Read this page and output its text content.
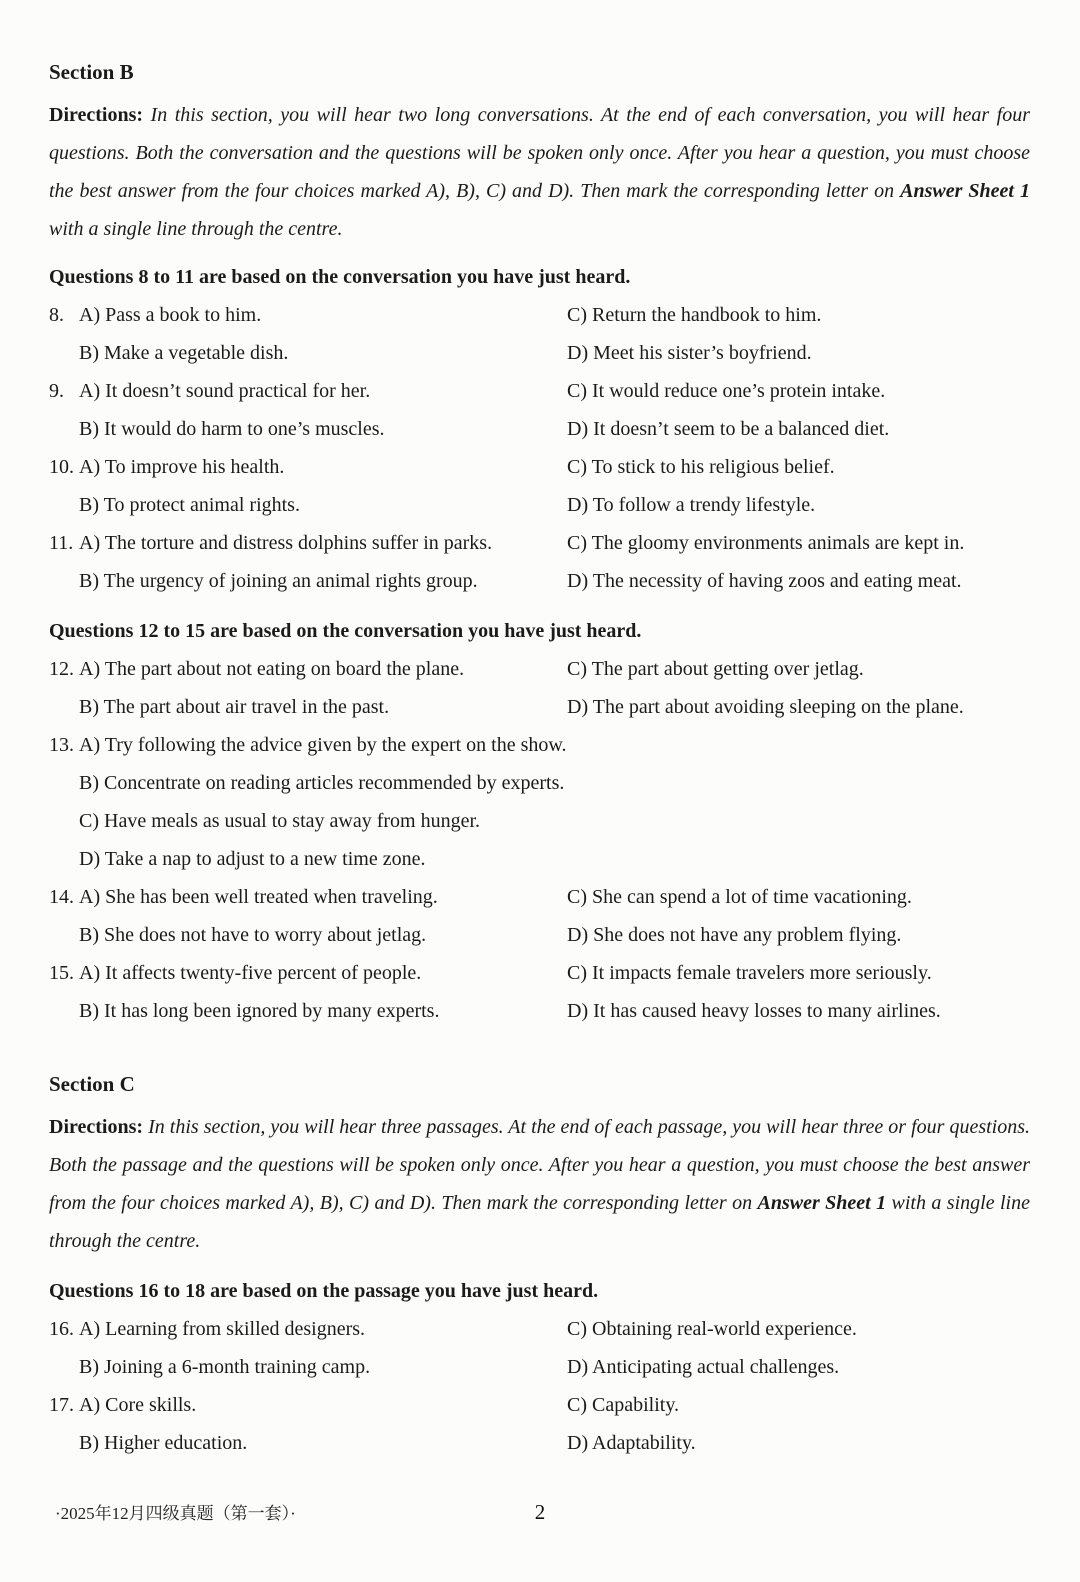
Section B

Directions: In this section, you will hear two long conversations. At the end of each conversation, you will hear four questions. Both the conversation and the questions will be spoken only once. After you hear a question, you must choose the best answer from the four choices marked A), B), C) and D). Then mark the corresponding letter on Answer Sheet 1 with a single line through the centre.

Questions 8 to 11 are based on the conversation you have just heard.
8. A) Pass a book to him.	C) Return the handbook to him.
B) Make a vegetable dish.	D) Meet his sister’s boyfriend.
9. A) It doesn’t sound practical for her.	C) It would reduce one’s protein intake.
B) It would do harm to one’s muscles.	D) It doesn’t seem to be a balanced diet.
10. A) To improve his health.	C) To stick to his religious belief.
B) To protect animal rights.	D) To follow a trendy lifestyle.
11. A) The torture and distress dolphins suffer in parks.	C) The gloomy environments animals are kept in.
B) The urgency of joining an animal rights group.	D) The necessity of having zoos and eating meat.
Questions 12 to 15 are based on the conversation you have just heard.
12. A) The part about not eating on board the plane.	C) The part about getting over jetlag.
B) The part about air travel in the past.	D) The part about avoiding sleeping on the plane.
13. A) Try following the advice given by the expert on the show.
B) Concentrate on reading articles recommended by experts.
C) Have meals as usual to stay away from hunger.
D) Take a nap to adjust to a new time zone.
14. A) She has been well treated when traveling.	C) She can spend a lot of time vacationing.
B) She does not have to worry about jetlag.	D) She does not have any problem flying.
15. A) It affects twenty-five percent of people.	C) It impacts female travelers more seriously.
B) It has long been ignored by many experts.	D) It has caused heavy losses to many airlines.
Section C

Directions: In this section, you will hear three passages. At the end of each passage, you will hear three or four questions. Both the passage and the questions will be spoken only once. After you hear a question, you must choose the best answer from the four choices marked A), B), C) and D). Then mark the corresponding letter on Answer Sheet 1 with a single line through the centre.

Questions 16 to 18 are based on the passage you have just heard.
16. A) Learning from skilled designers.	C) Obtaining real-world experience.
B) Joining a 6-month training camp.	D) Anticipating actual challenges.
17. A) Core skills.	C) Capability.
B) Higher education.	D) Adaptability.
·2025年12月四级真题（第一套）·	2
